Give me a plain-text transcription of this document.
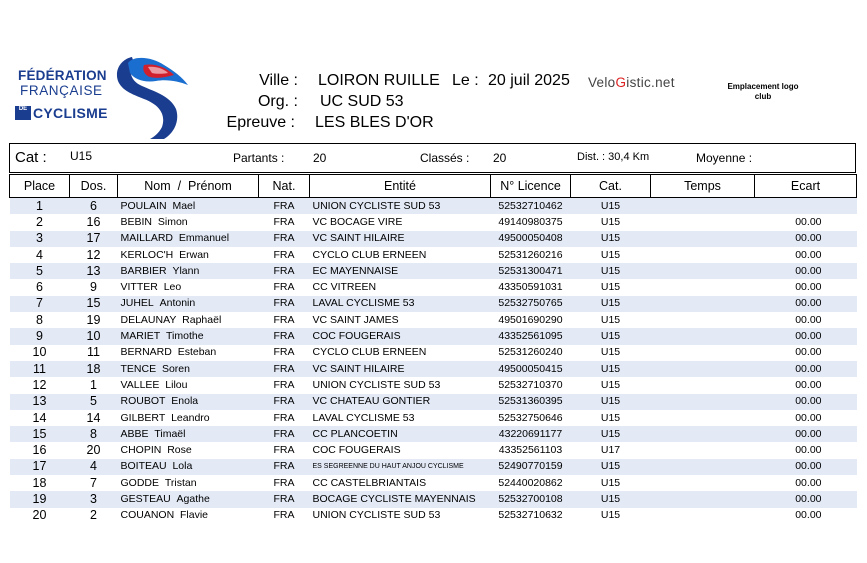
FÉDÉRATION
FRANÇAISE
DE CYCLISME
Ville : LOIRON RUILLE Le : 20 juil 2025 VeloGistic.net	Emplacement logo club
Org. : UC SUD 53
Epreuve : LES BLES D'OR
Cat : U15	Partants : 20	Classés : 20	Dist. : 30,4 Km	Moyenne :
Place	Dos.	Nom  /  Prénom	Nat.	Entité	N° Licence	Cat.	Temps	Ecart
1	6	POULAIN Mael	FRA	UNION CYCLISTE SUD 53	52532710462	U15		
2	16	BEBIN Simon	FRA	VC BOCAGE VIRE	49140980375	U15		00.00
3	17	MAILLARD Emmanuel	FRA	VC SAINT HILAIRE	49500050408	U15		00.00
4	12	KERLOC'H Erwan	FRA	CYCLO CLUB ERNEEN	52531260216	U15		00.00
5	13	BARBIER Ylann	FRA	EC MAYENNAISE	52531300471	U15		00.00
6	9	VITTER Leo	FRA	CC VITREEN	43350591031	U15		00.00
7	15	JUHEL Antonin	FRA	LAVAL CYCLISME 53	52532750765	U15		00.00
8	19	DELAUNAY Raphaël	FRA	VC SAINT JAMES	49501690290	U15		00.00
9	10	MARIET Timothe	FRA	COC FOUGERAIS	43352561095	U15		00.00
10	11	BERNARD Esteban	FRA	CYCLO CLUB ERNEEN	52531260240	U15		00.00
11	18	TENCE Soren	FRA	VC SAINT HILAIRE	49500050415	U15		00.00
12	1	VALLEE Lilou	FRA	UNION CYCLISTE SUD 53	52532710370	U15		00.00
13	5	ROUBOT Enola	FRA	VC CHATEAU GONTIER	52531360395	U15		00.00
14	14	GILBERT Leandro	FRA	LAVAL CYCLISME 53	52532750646	U15		00.00
15	8	ABBE Timaël	FRA	CC PLANCOETIN	43220691177	U15		00.00
16	20	CHOPIN Rose	FRA	COC FOUGERAIS	43352561103	U17		00.00
17	4	BOITEAU Lola	FRA	ES SEGREENNE DU HAUT ANJOU CYCLISME	52490770159	U15		00.00
18	7	GODDE Tristan	FRA	CC CASTELBRIANTAIS	52440020862	U15		00.00
19	3	GESTEAU Agathe	FRA	BOCAGE CYCLISTE MAYENNAIS	52532700108	U15		00.00
20	2	COUANON Flavie	FRA	UNION CYCLISTE SUD 53	52532710632	U15		00.00
